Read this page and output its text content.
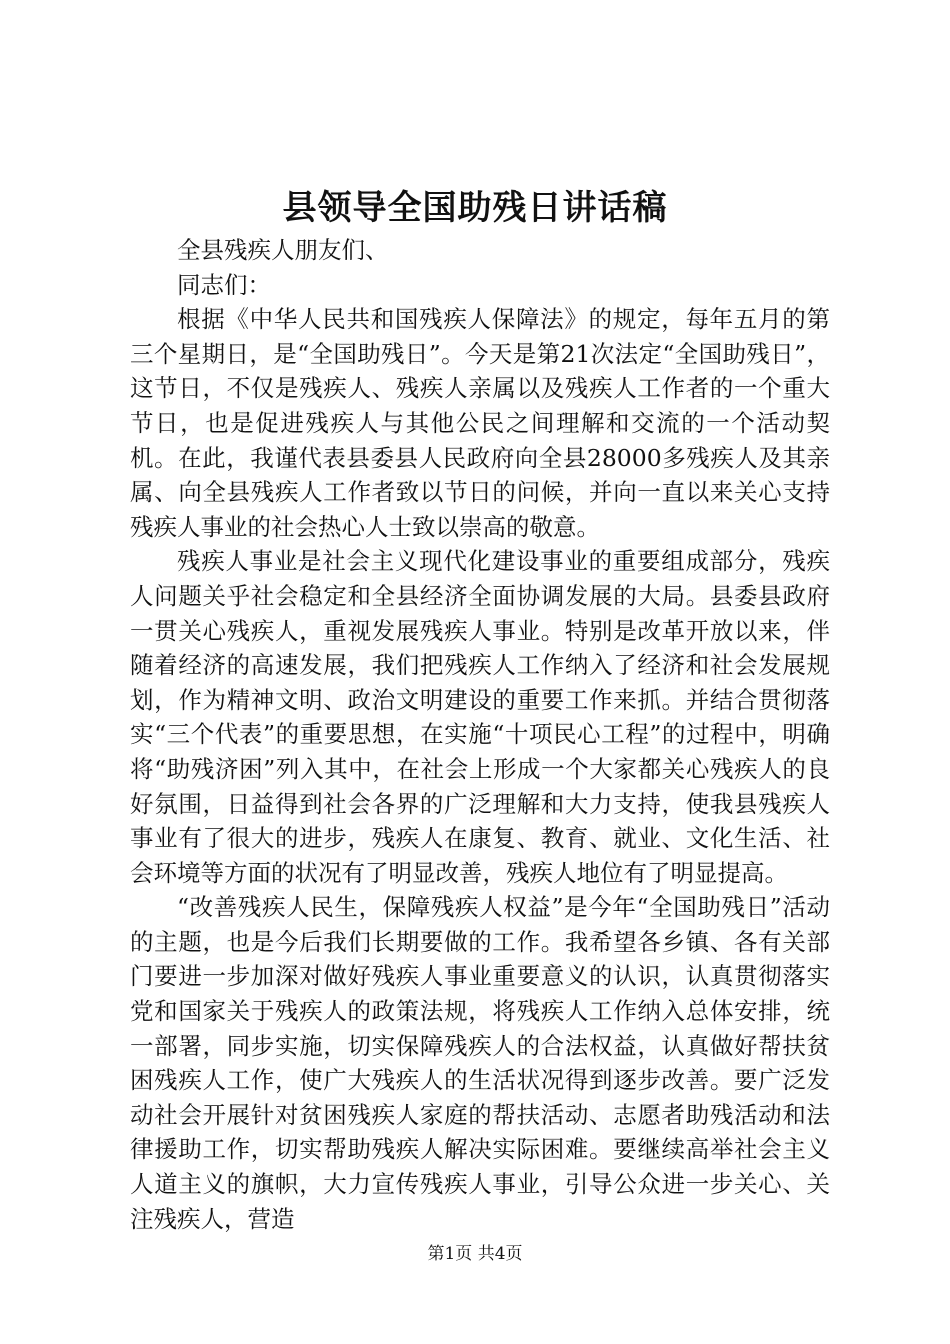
县领导全国助残日讲话稿

全县残疾人朋友们、

同志们：

根据《中华人民共和国残疾人保障法》的规定，每年五月的第三个星期日，是“全国助残日”。今天是第21次法定“全国助残日”，这节日，不仅是残疾人、残疾人亲属以及残疾人工作者的一个重大节日，也是促进残疾人与其他公民之间理解和交流的一个活动契机。在此，我谨代表县委县人民政府向全县28000多残疾人及其亲属、向全县残疾人工作者致以节日的问候，并向一直以来关心支持残疾人事业的社会热心人士致以崇高的敬意。

残疾人事业是社会主义现代化建设事业的重要组成部分，残疾人问题关乎社会稳定和全县经济全面协调发展的大局。县委县政府一贯关心残疾人，重视发展残疾人事业。特别是改革开放以来，伴随着经济的高速发展，我们把残疾人工作纳入了经济和社会发展规划，作为精神文明、政治文明建设的重要工作来抓。并结合贯彻落实“三个代表”的重要思想，在实施“十项民心工程”的过程中，明确将“助残济困”列入其中，在社会上形成一个大家都关心残疾人的良好氛围，日益得到社会各界的广泛理解和大力支持，使我县残疾人事业有了很大的进步，残疾人在康复、教育、就业、文化生活、社会环境等方面的状况有了明显改善，残疾人地位有了明显提高。

“改善残疾人民生，保障残疾人权益”是今年“全国助残日”活动的主题，也是今后我们长期要做的工作。我希望各乡镇、各有关部门要进一步加深对做好残疾人事业重要意义的认识，认真贯彻落实党和国家关于残疾人的政策法规，将残疾人工作纳入总体安排，统一部署，同步实施，切实保障残疾人的合法权益，认真做好帮扶贫困残疾人工作，使广大残疾人的生活状况得到逐步改善。要广泛发动社会开展针对贫困残疾人家庭的帮扶活动、志愿者助残活动和法律援助工作，切实帮助残疾人解决实际困难。要继续高举社会主义人道主义的旗帜，大力宣传残疾人事业，引导公众进一步关心、关注残疾人，营造

第1页 共4页
